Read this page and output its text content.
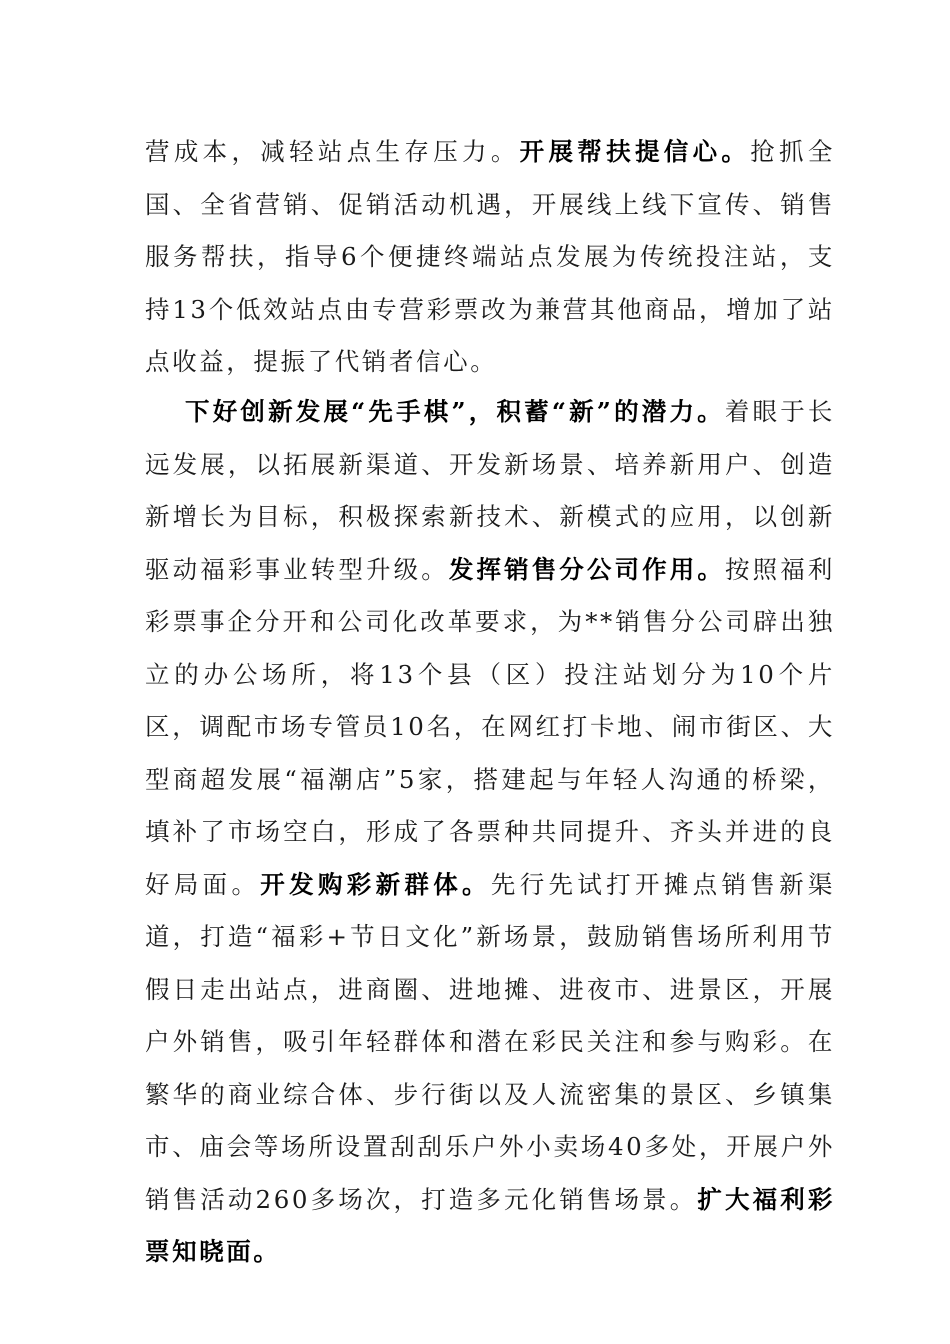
营成本，减轻站点生存压力。开展帮扶提信心。抢抓全国、全省营销、促销活动机遇，开展线上线下宣传、销售服务帮扶，指导6个便捷终端站点发展为传统投注站，支持13个低效站点由专营彩票改为兼营其他商品，增加了站点收益，提振了代销者信心。

下好创新发展“先手棋”，积蓄“新”的潜力。着眼于长远发展，以拓展新渠道、开发新场景、培养新用户、创造新增长为目标，积极探索新技术、新模式的应用，以创新驱动福彩事业转型升级。发挥销售分公司作用。按照福利彩票事企分开和公司化改革要求，为**销售分公司辟出独立的办公场所，将13个县（区）投注站划分为10个片区，调配市场专管员10名，在网红打卡地、闹市街区、大型商超发展“福潮店”5家，搭建起与年轻人沟通的桥梁，填补了市场空白，形成了各票种共同提升、齐头并进的良好局面。开发购彩新群体。先行先试打开摊点销售新渠道，打造“福彩+节日文化”新场景，鼓励销售场所利用节假日走出站点，进商圈、进地摊、进夜市、进景区，开展户外销售，吸引年轻群体和潜在彩民关注和参与购彩。在繁华的商业综合体、步行街以及人流密集的景区、乡镇集市、庙会等场所设置刮刮乐户外小卖场40多处，开展户外销售活动260多场次，打造多元化销售场景。扩大福利彩票知晓面。
